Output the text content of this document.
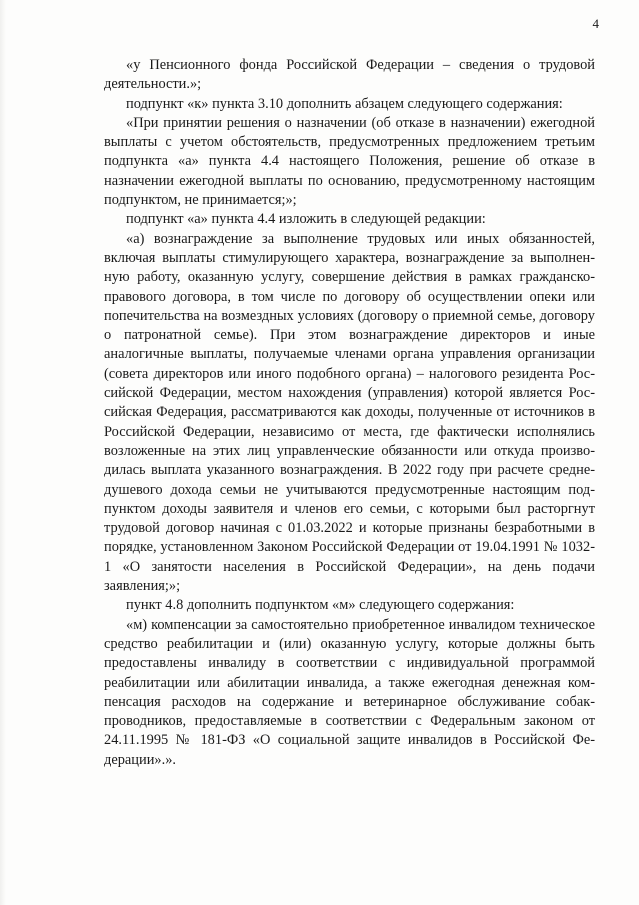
4

«у Пенсионного фонда Российской Федерации – сведения о трудовой деятельности.»;

подпункт «к» пункта 3.10 дополнить абзацем следующего содержания:

«При принятии решения о назначении (об отказе в назначении) ежегодной выплаты с учетом обстоятельств, предусмотренных предложением третьим подпункта «а» пункта 4.4 настоящего Положения, решение об отказе в назначении ежегодной выплаты по основанию, предусмотренному настоящим подпунктом, не принимается;»;

подпункт «а» пункта 4.4 изложить в следующей редакции:

«а) вознаграждение за выполнение трудовых или иных обязанностей, включая выплаты стимулирующего характера, вознаграждение за выполненную работу, оказанную услугу, совершение действия в рамках гражданско-правового договора, в том числе по договору об осуществлении опеки или попечительства на возмездных условиях (договору о приемной семье, договору о патронатной семье). При этом вознаграждение директоров и иные аналогичные выплаты, получаемые членами органа управления организации (совета директоров или иного подобного органа) – налогового резидента Российской Федерации, местом нахождения (управления) которой является Российская Федерация, рассматриваются как доходы, полученные от источников в Российской Федерации, независимо от места, где фактически исполнялись возложенные на этих лиц управленческие обязанности или откуда производилась выплата указанного вознаграждения. В 2022 году при расчете среднедушевого дохода семьи не учитываются предусмотренные настоящим подпунктом доходы заявителя и членов его семьи, с которыми был расторгнут трудовой договор начиная с 01.03.2022 и которые признаны безработными в порядке, установленном Законом Российской Федерации от 19.04.1991 № 1032-1 «О занятости населения в Российской Федерации», на день подачи заявления;»;

пункт 4.8 дополнить подпунктом «м» следующего содержания:

«м) компенсации за самостоятельно приобретенное инвалидом техническое средство реабилитации и (или) оказанную услугу, которые должны быть предоставлены инвалиду в соответствии с индивидуальной программой реабилитации или абилитации инвалида, а также ежегодная денежная компенсация расходов на содержание и ветеринарное обслуживание собак-проводников, предоставляемые в соответствии с Федеральным законом от 24.11.1995 № 181-ФЗ «О социальной защите инвалидов в Российской Федерации».».
